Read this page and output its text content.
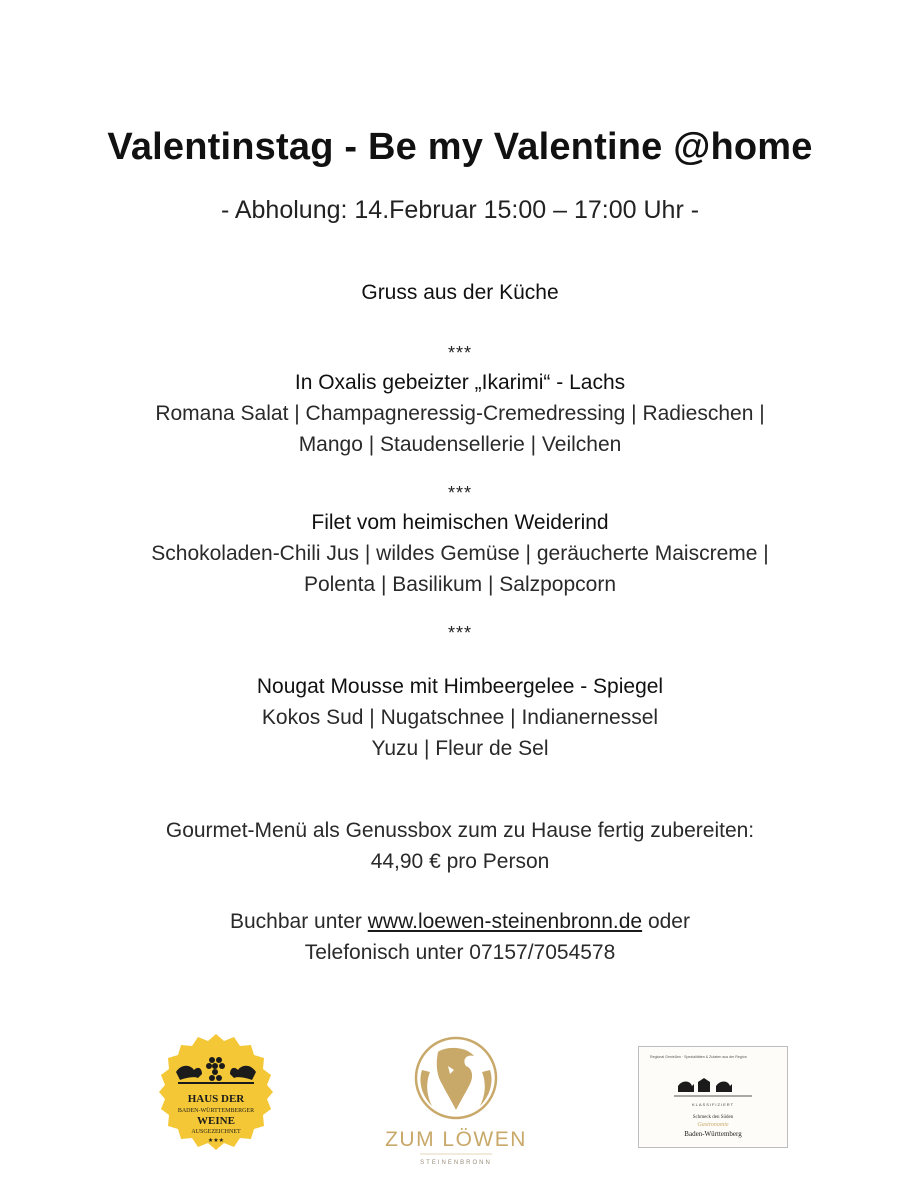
Valentinstag - Be my Valentine @home
- Abholung: 14.Februar 15:00 – 17:00 Uhr -
Gruss aus der Küche
***
In Oxalis gebeizter „Ikarimi“ - Lachs
Romana Salat | Champagneressig-Cremedressing | Radieschen |
Mango | Staudensellerie | Veilchen
***
Filet vom heimischen Weiderind
Schokoladen-Chili Jus | wildes Gemüse | geräucherte Maiscreme |
Polenta | Basilikum | Salzpopcorn
***
Nougat Mousse mit Himbeergelee - Spiegel
Kokos Sud | Nugatschnee | Indianernessel
Yuzu | Fleur de Sel
Gourmet-Menü als Genussbox zum zu Hause fertig zubereiten:
44,90 € pro Person
Buchbar unter www.loewen-steinenbronn.de oder
Telefonisch unter 07157/7054578
HAUS DER
BADEN-WÜRTTEMBERGER
WEINE
AUSGEZEICHNET
★★★	ZUM LÖWEN
STEINENBRONN
Regional Genießen · Spezialitäten & Zutaten aus der Region
KLASSIFIZIERT
Schmeck den Süden
Gastronomie
Baden-Württemberg
